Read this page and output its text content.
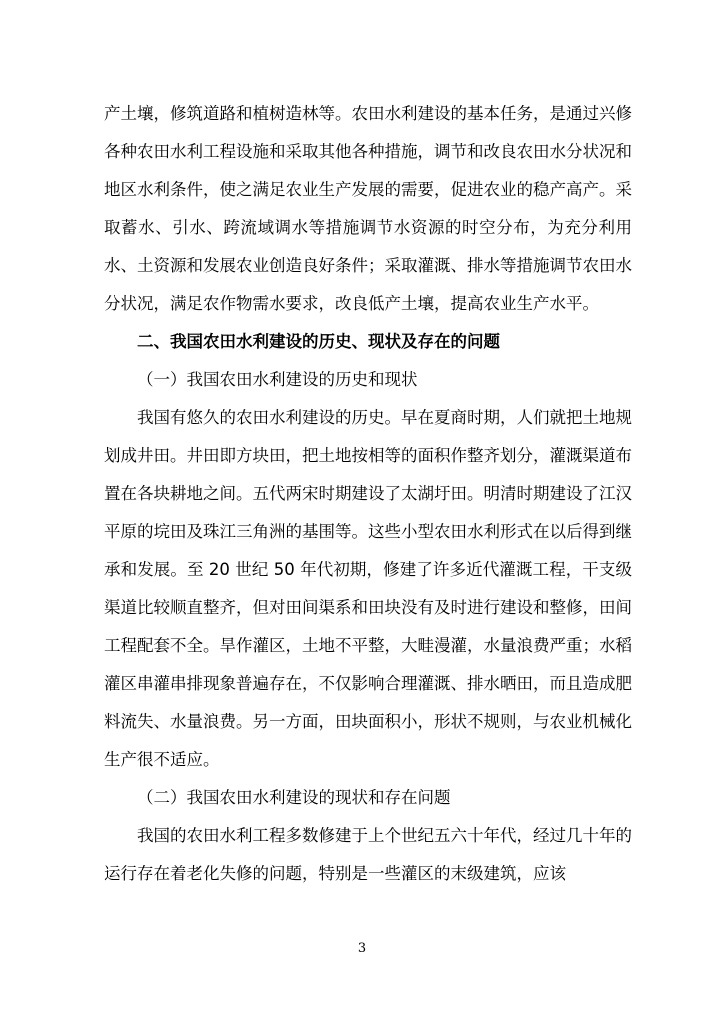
产土壤，修筑道路和植树造林等。农田水利建设的基本任务，是通过兴修各种农田水利工程设施和采取其他各种措施，调节和改良农田水分状况和地区水利条件，使之满足农业生产发展的需要，促进农业的稳产高产。采取蓄水、引水、跨流域调水等措施调节水资源的时空分布，为充分利用水、土资源和发展农业创造良好条件；采取灌溉、排水等措施调节农田水分状况，满足农作物需水要求，改良低产土壤，提高农业生产水平。

二、我国农田水利建设的历史、现状及存在的问题

（一）我国农田水利建设的历史和现状

我国有悠久的农田水利建设的历史。早在夏商时期，人们就把土地规划成井田。井田即方块田，把土地按相等的面积作整齐划分，灌溉渠道布置在各块耕地之间。五代两宋时期建设了太湖圩田。明清时期建设了江汉平原的垸田及珠江三角洲的基围等。这些小型农田水利形式在以后得到继承和发展。至 20 世纪 50 年代初期，修建了许多近代灌溉工程，干支级渠道比较顺直整齐，但对田间渠系和田块没有及时进行建设和整修，田间工程配套不全。旱作灌区，土地不平整，大畦漫灌，水量浪费严重；水稻灌区串灌串排现象普遍存在，不仅影响合理灌溉、排水晒田，而且造成肥料流失、水量浪费。另一方面，田块面积小，形状不规则，与农业机械化生产很不适应。

（二）我国农田水利建设的现状和存在问题

我国的农田水利工程多数修建于上个世纪五六十年代，经过几十年的运行存在着老化失修的问题，特别是一些灌区的末级建筑，应该

3
